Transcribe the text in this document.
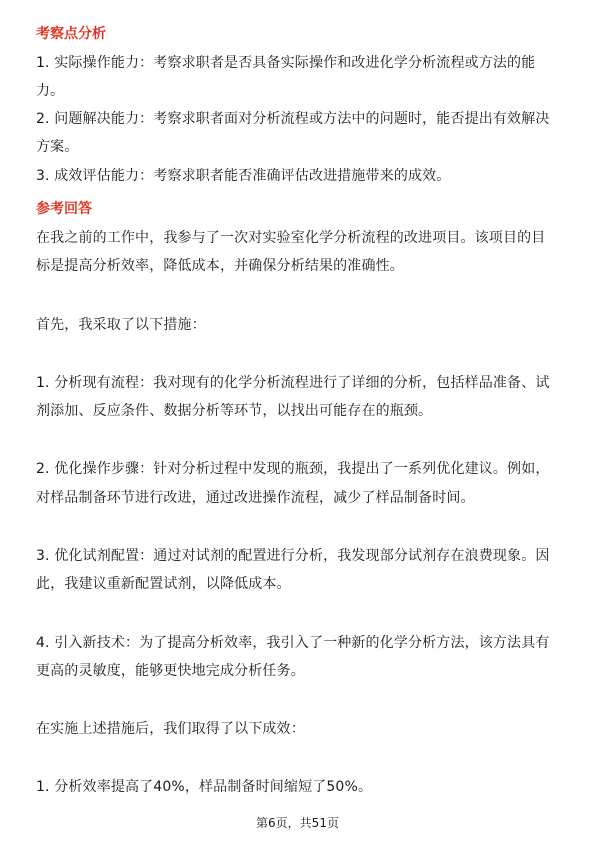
考察点分析
1. 实际操作能力：考察求职者是否具备实际操作和改进化学分析流程或方法的能
力。
2. 问题解决能力：考察求职者面对分析流程或方法中的问题时，能否提出有效解决
方案。
3. 成效评估能力：考察求职者能否准确评估改进措施带来的成效。
参考回答
在我之前的工作中，我参与了一次对实验室化学分析流程的改进项目。该项目的目
标是提高分析效率，降低成本，并确保分析结果的准确性。
首先，我采取了以下措施：
1. 分析现有流程：我对现有的化学分析流程进行了详细的分析，包括样品准备、试
剂添加、反应条件、数据分析等环节，以找出可能存在的瓶颈。
2. 优化操作步骤：针对分析过程中发现的瓶颈，我提出了一系列优化建议。例如，
对样品制备环节进行改进，通过改进操作流程，减少了样品制备时间。
3. 优化试剂配置：通过对试剂的配置进行分析，我发现部分试剂存在浪费现象。因
此，我建议重新配置试剂，以降低成本。
4. 引入新技术：为了提高分析效率，我引入了一种新的化学分析方法，该方法具有
更高的灵敏度，能够更快地完成分析任务。
在实施上述措施后，我们取得了以下成效：
1. 分析效率提高了40%，样品制备时间缩短了50%。
第6页，共51页
